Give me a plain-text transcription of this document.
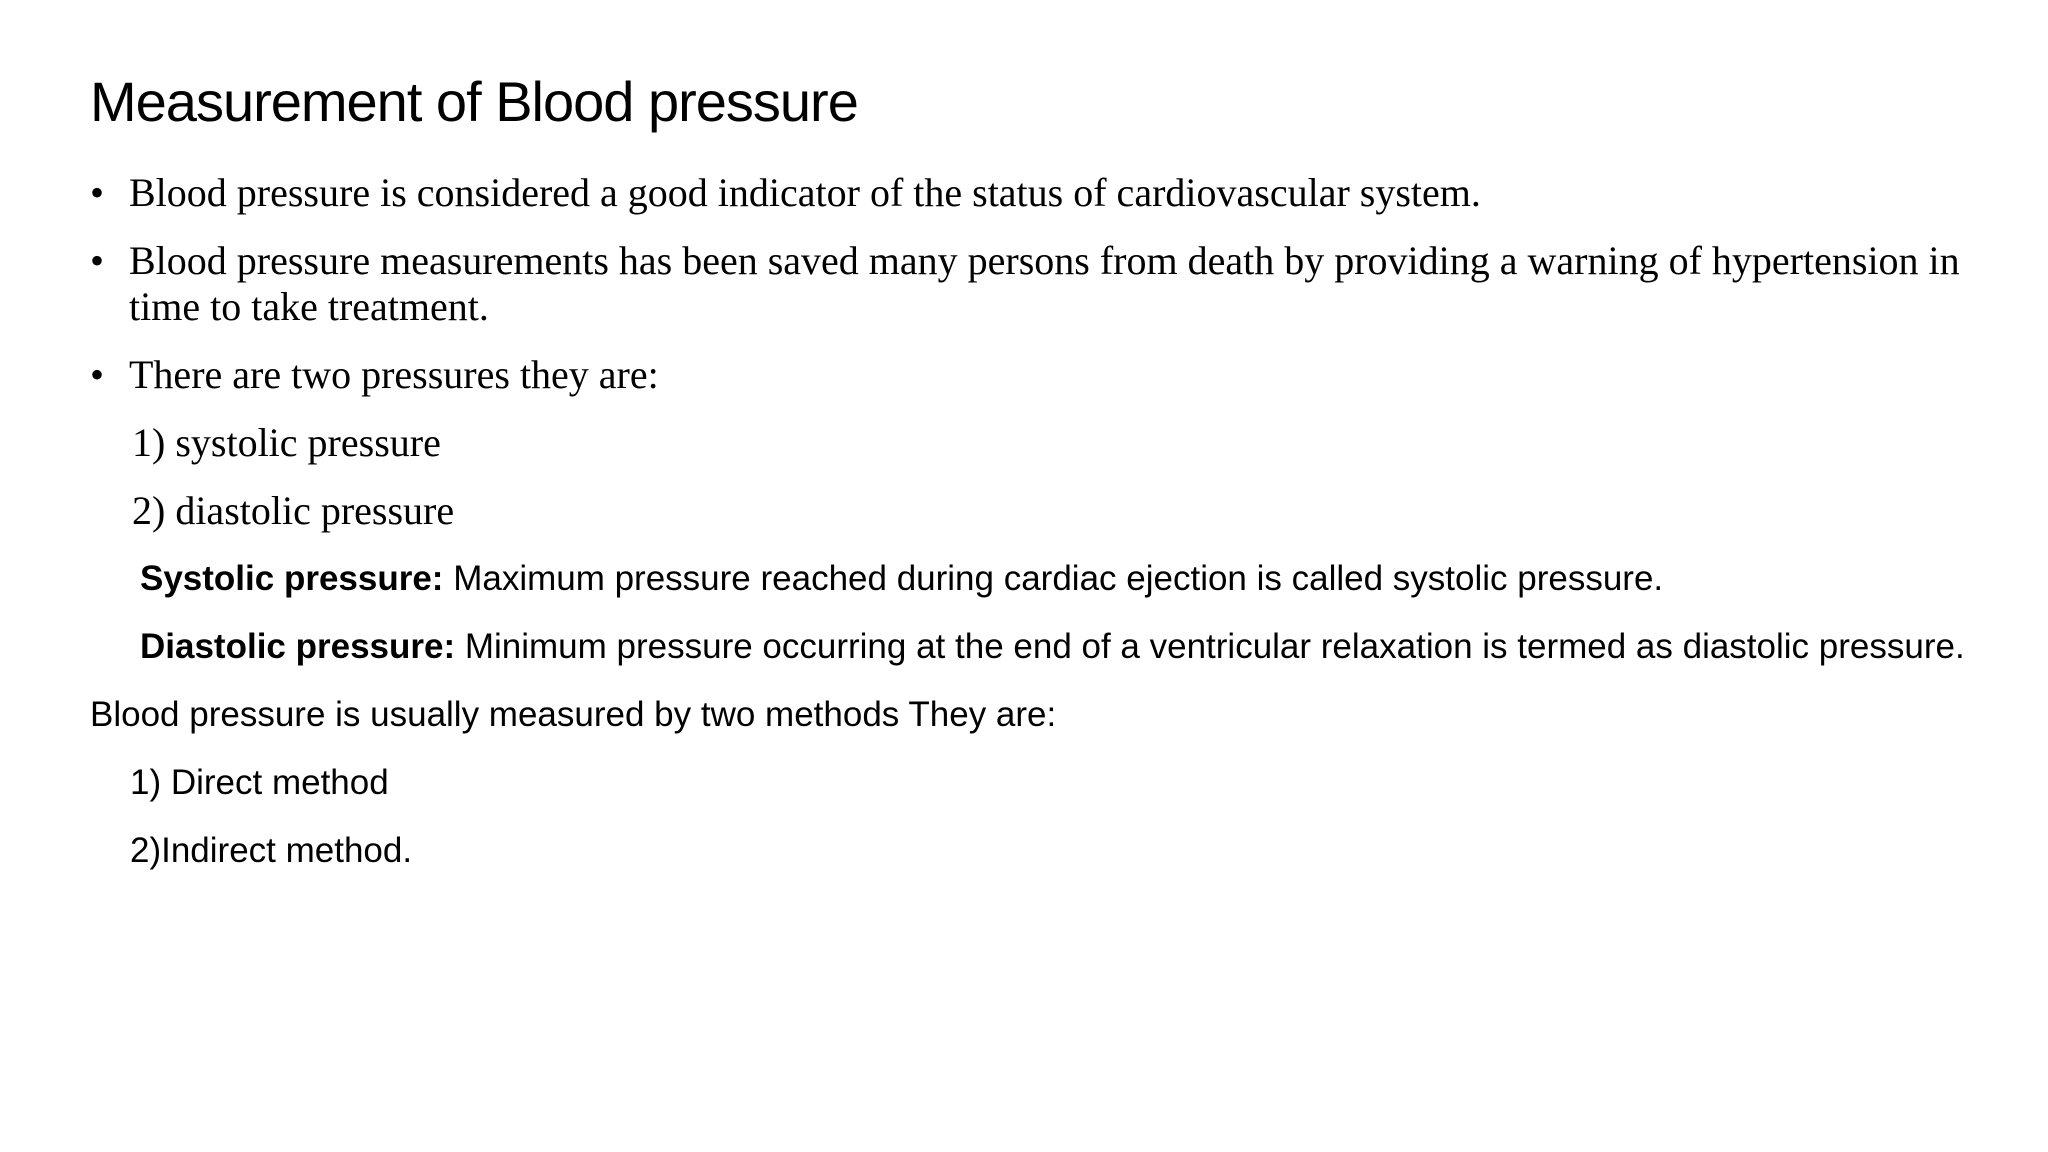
Measurement of Blood pressure
• Blood pressure is considered a good indicator of the status of cardiovascular system.
• Blood pressure measurements has been saved many persons from death by providing a warning of hypertension in time to take treatment.
• There are two pressures they are:
1) systolic pressure
2) diastolic pressure
Systolic pressure: Maximum pressure reached during cardiac ejection is called systolic pressure.
Diastolic pressure: Minimum pressure occurring at the end of a ventricular relaxation is termed as diastolic pressure.
Blood pressure is usually measured by two methods They are:
1) Direct method
2)Indirect method.
